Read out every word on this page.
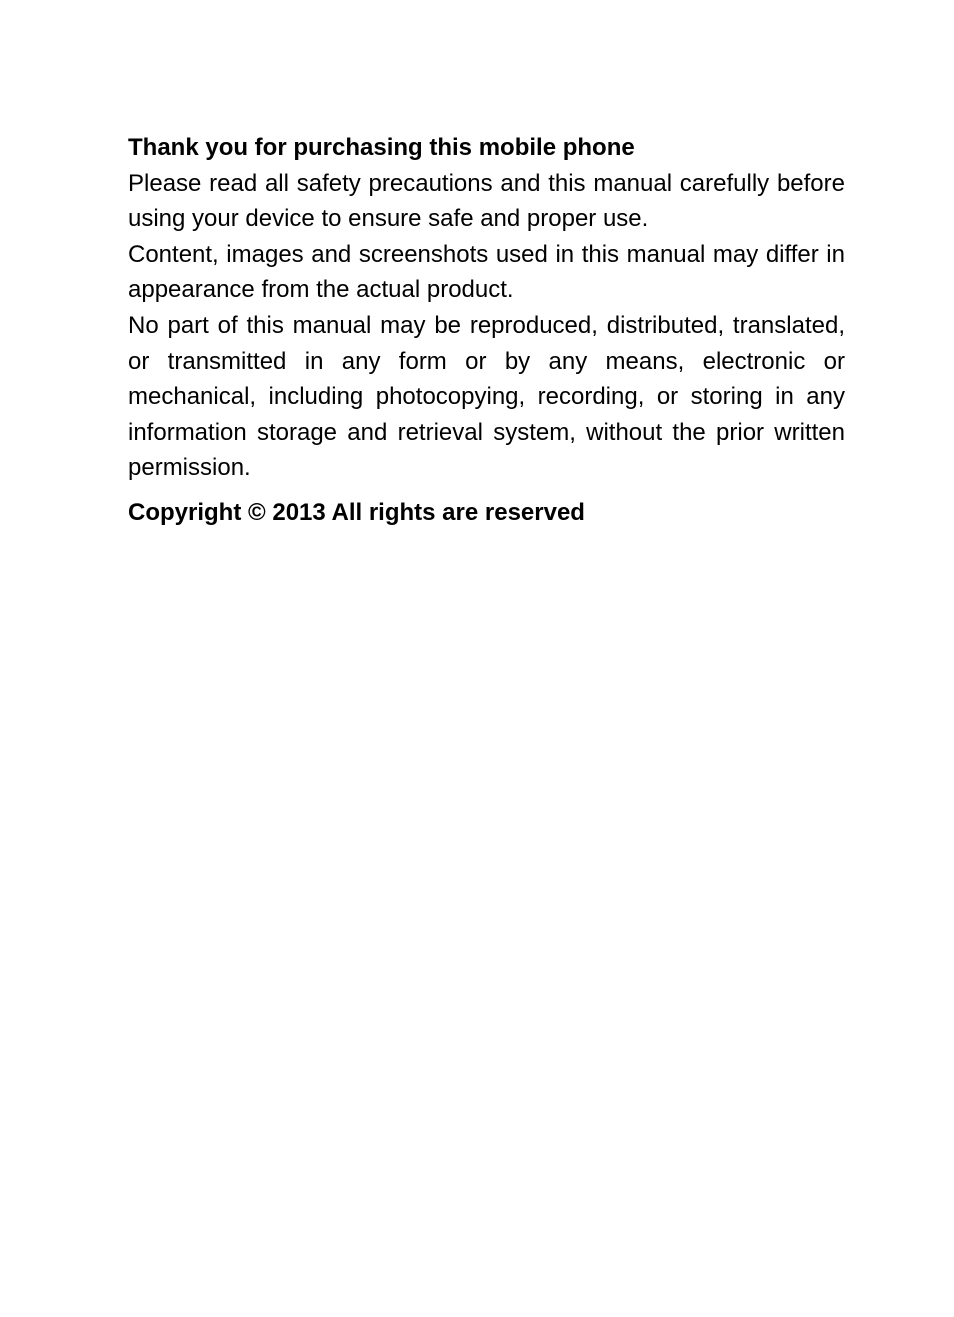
Thank you for purchasing this mobile phone

Please read all safety precautions and this manual carefully before using your device to ensure safe and proper use.

Content, images and screenshots used in this manual may differ in appearance from the actual product.

No part of this manual may be reproduced, distributed, translated, or transmitted in any form or by any means, electronic or mechanical, including photocopying, recording, or storing in any information storage and retrieval system, without the prior written permission.

Copyright © 2013 All rights are reserved
